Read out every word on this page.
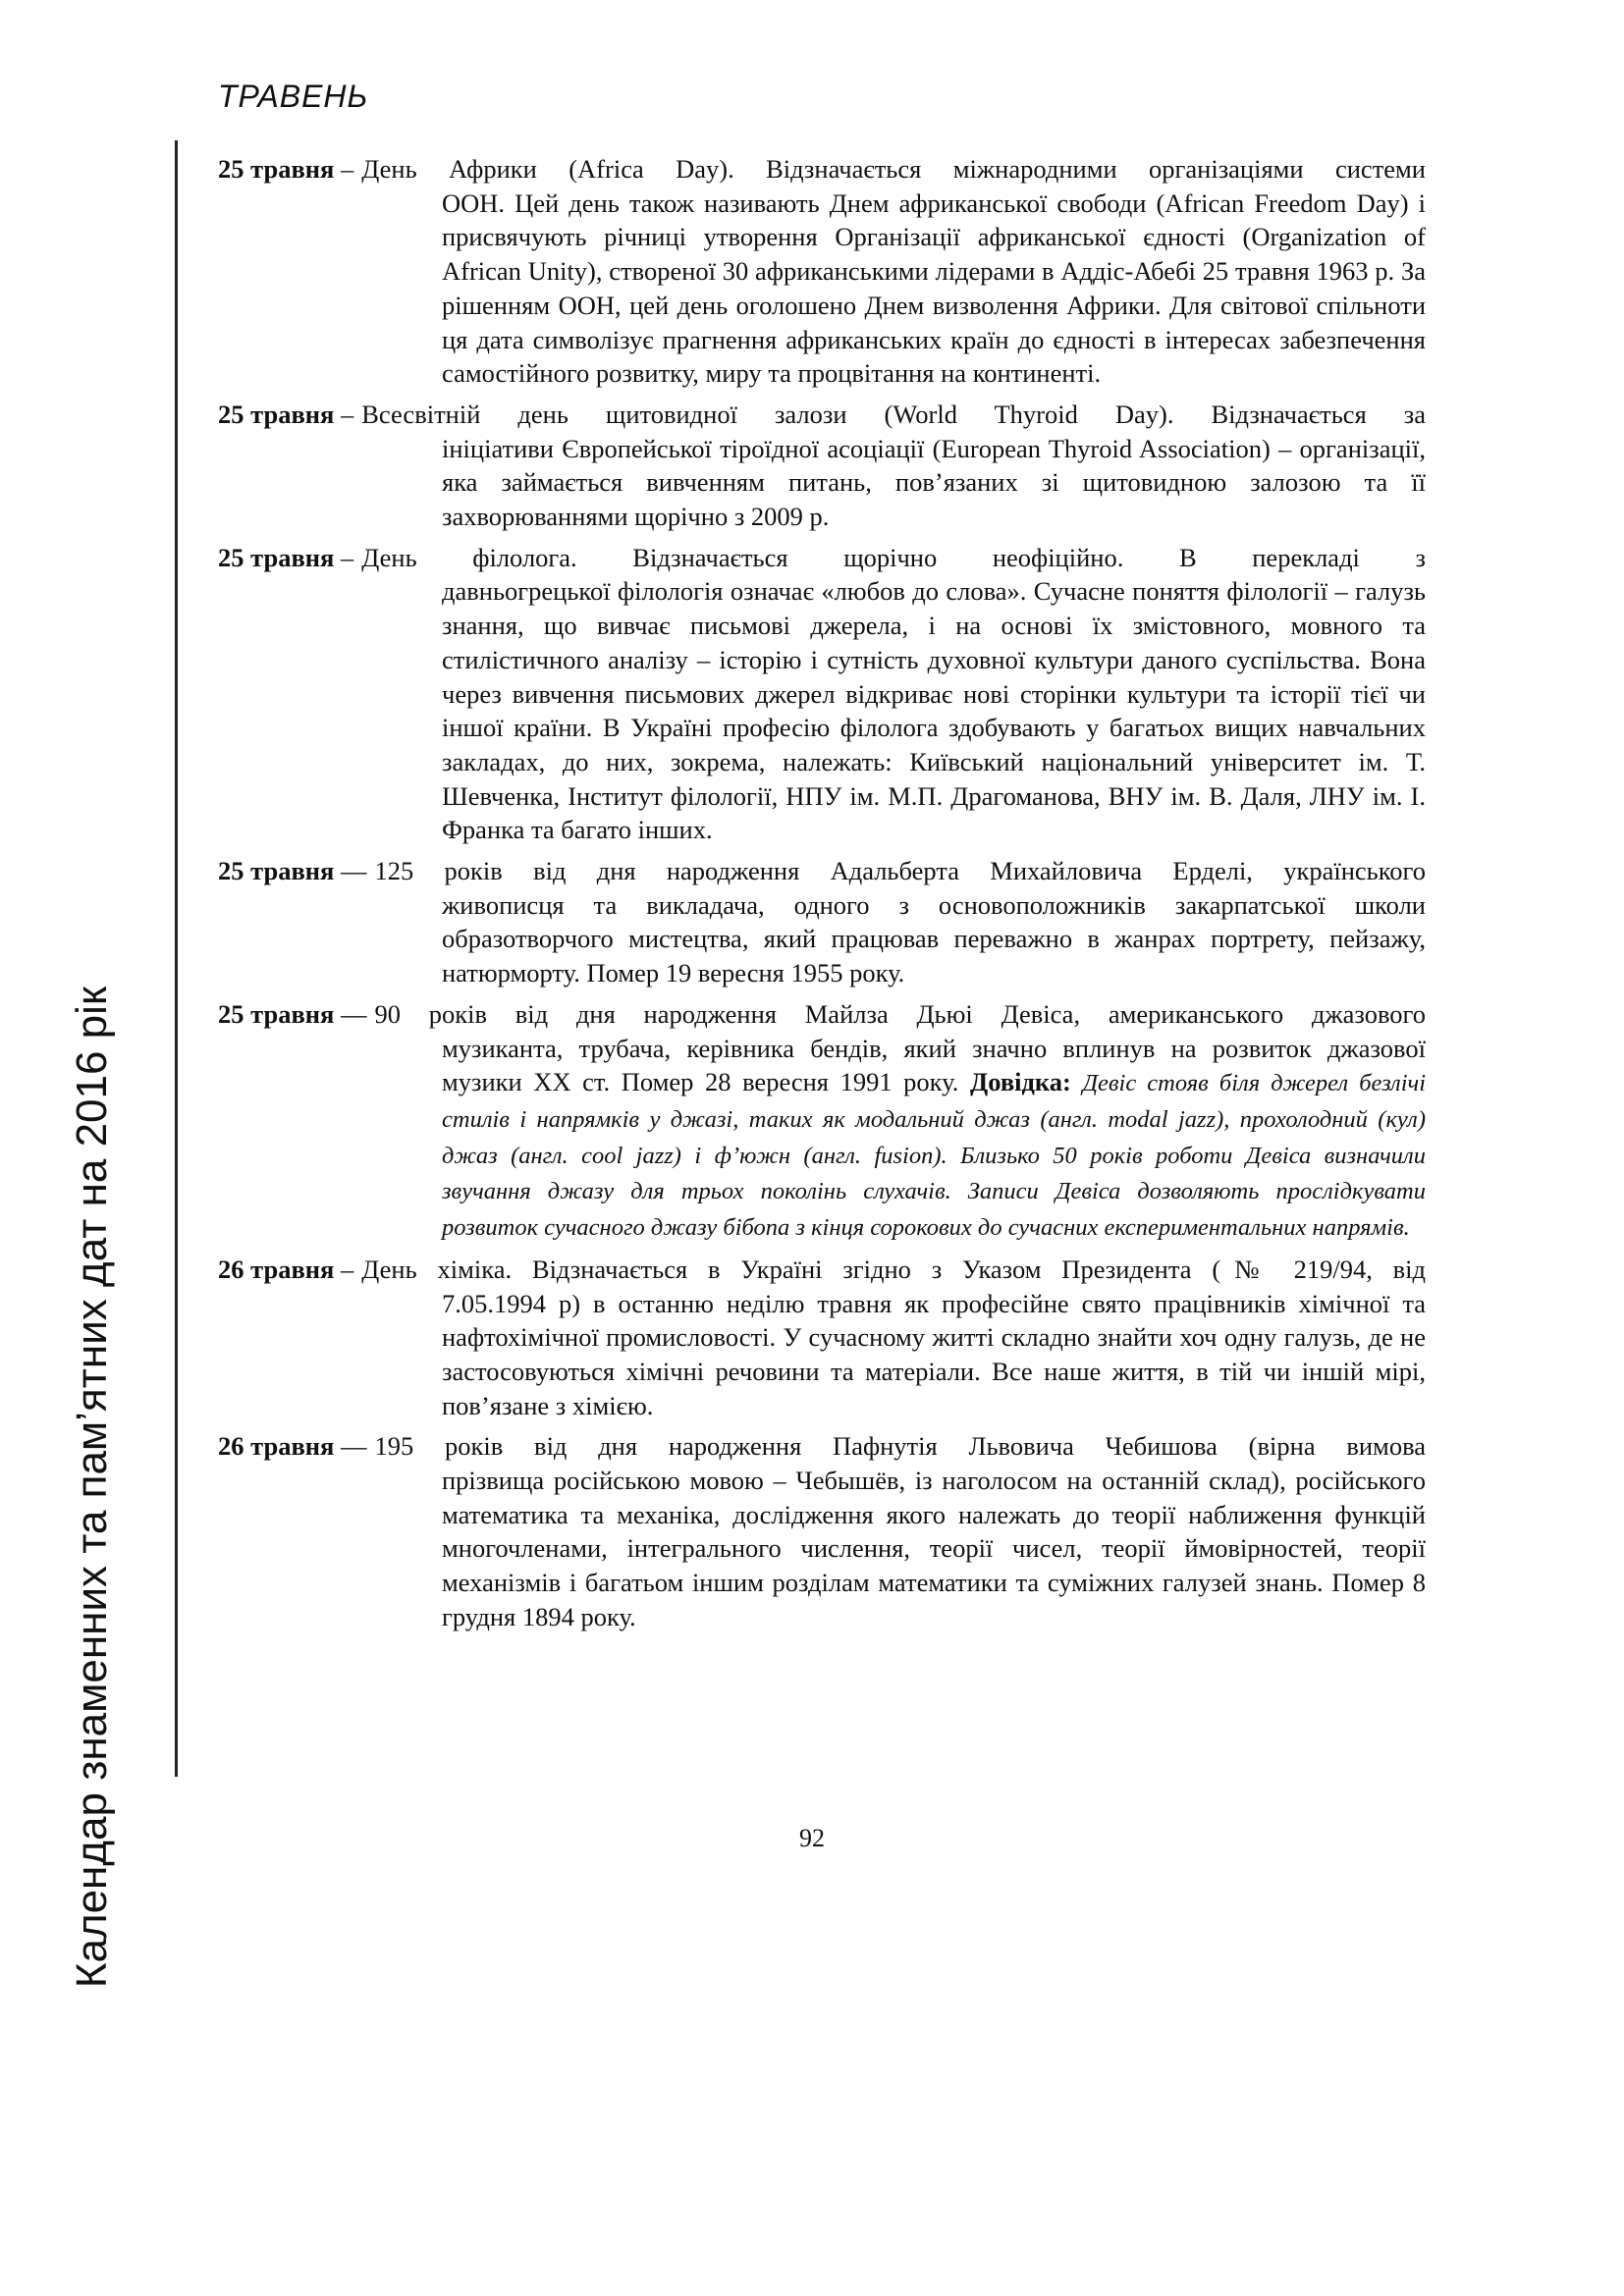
ТРАВЕНЬ
Календар знаменних та пам’ятних дат на 2016 рік
25 травня – День Африки (Africa Day). Відзначається міжнародними організаціями системи
ООН. Цей день також називають Днем африканської свободи (African Freedom Day) і присвячують річниці утворення Організації африканської єдності (Organization of African Unity), створеної 30 африканськими лідерами в Аддіс-Абебі 25 травня 1963 р. За рішенням ООН, цей день оголошено Днем визволення Африки. Для світової спільноти ця дата символізує прагнення африканських країн до єдності в інтересах забезпечення самостійного розвитку, миру та процвітання на континенті.
25 травня – Всесвітній день щитовидної залози (World Thyroid Day). Відзначається за
ініціативи Європейської тіроїдної асоціації (European Thyroid Association) – організації, яка займається вивченням питань, пов’язаних зі щитовидною залозою та її захворюваннями щорічно з 2009 р.
25 травня – День філолога. Відзначається щорічно неофіційно. В перекладі з
давньогрецької філологія означає «любов до слова». Сучасне поняття філології – галузь знання, що вивчає письмові джерела, і на основі їх змістовного, мовного та стилістичного аналізу – історію і сутність духовної культури даного суспільства. Вона через вивчення письмових джерел відкриває нові сторінки культури та історії тієї чи іншої країни. В Україні професію філолога здобувають у багатьох вищих навчальних закладах, до них, зокрема, належать: Київський національний університет ім. Т. Шевченка, Інститут філології, НПУ ім. М.П. Драгоманова, ВНУ ім. В. Даля, ЛНУ ім. І. Франка та багато інших.
25 травня — 125 років від дня народження Адальберта Михайловича Ерделі, українського
живописця та викладача, одного з основоположників закарпатської школи образотворчого мистецтва, який працював переважно в жанрах портрету, пейзажу, натюрморту. Помер 19 вересня 1955 року.
25 травня — 90 років від дня народження Майлза Дьюі Девіса, американського джазового
музиканта, трубача, керівника бендів, який значно вплинув на розвиток джазової музики XX ст. Помер 28 вересня 1991 року. Довідка: Девіс стояв біля джерел безлічі стилів і напрямків у джазі, таких як модальний джаз (англ. modal jazz), прохолодний (кул) джаз (англ. cool jazz) і ф’южн (англ. fusion). Близько 50 років роботи Девіса визначили звучання джазу для трьох поколінь слухачів. Записи Девіса дозволяють прослідкувати розвиток сучасного джазу бібопа з кінця сорокових до сучасних експериментальних напрямів.
26 травня – День хіміка. Відзначається в Україні згідно з Указом Президента (№ 219/94, від
7.05.1994 р) в останню неділю травня як професійне свято працівників хімічної та нафтохімічної промисловості. У сучасному житті складно знайти хоч одну галузь, де не застосовуються хімічні речовини та матеріали. Все наше життя, в тій чи іншій мірі, пов’язане з хімією.
26 травня — 195 років від дня народження Пафнутія Львовича Чебишова (вірна вимова
прізвища російською мовою – Чебышёв, із наголосом на останній склад), російського математика та механіка, дослідження якого належать до теорії наближення функцій многочленами, інтегрального числення, теорії чисел, теорії ймовірностей, теорії механізмів і багатьом іншим розділам математики та суміжних галузей знань. Помер 8 грудня 1894 року.
92
